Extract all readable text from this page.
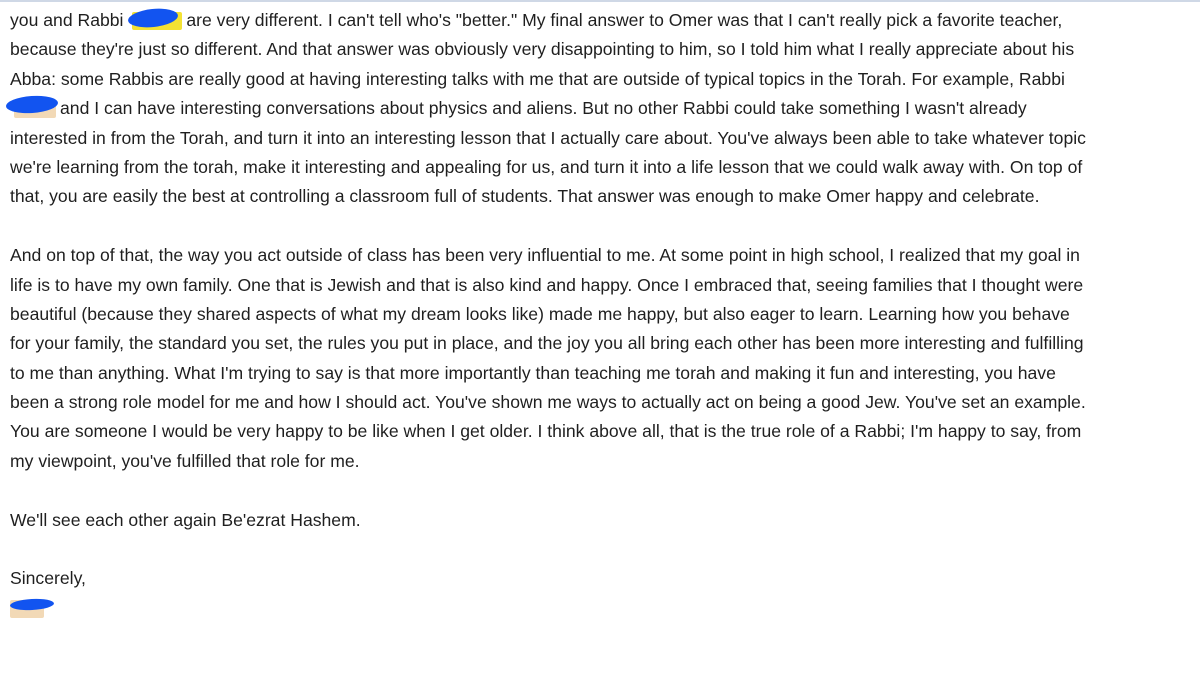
you and Rabbi	are very different. I can't tell who's "better." My final answer to Omer was that I can't really pick a favorite teacher,
because they're just so different. And that answer was obviously very disappointing to him, so I told him what I really appreciate about his
Abba: some Rabbis are really good at having interesting talks with me that are outside of typical topics in the Torah. For example, Rabbi
and I can have interesting conversations about physics and aliens. But no other Rabbi could take something I wasn't already
interested in from the Torah, and turn it into an interesting lesson that I actually care about. You've always been able to take whatever topic
we're learning from the torah, make it interesting and appealing for us, and turn it into a life lesson that we could walk away with. On top of
that, you are easily the best at controlling a classroom full of students. That answer was enough to make Omer happy and celebrate.
And on top of that, the way you act outside of class has been very influential to me. At some point in high school, I realized that my goal in
life is to have my own family. One that is Jewish and that is also kind and happy. Once I embraced that, seeing families that I thought were
beautiful (because they shared aspects of what my dream looks like) made me happy, but also eager to learn. Learning how you behave
for your family, the standard you set, the rules you put in place, and the joy you all bring each other has been more interesting and fulfilling
to me than anything. What I'm trying to say is that more importantly than teaching me torah and making it fun and interesting, you have
been a strong role model for me and how I should act. You've shown me ways to actually act on being a good Jew. You've set an example.
You are someone I would be very happy to be like when I get older. I think above all, that is the true role of a Rabbi; I'm happy to say, from
my viewpoint, you've fulfilled that role for me.
We'll see each other again Be'ezrat Hashem.
Sincerely,
